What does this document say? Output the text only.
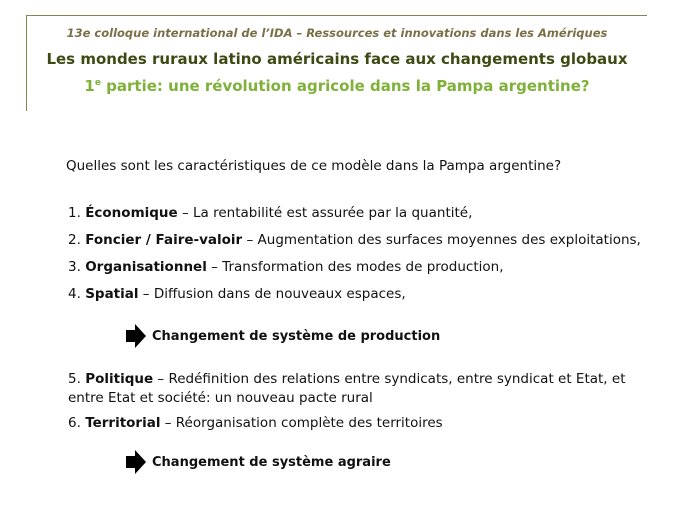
13e colloque international de l’IDA – Ressources et innovations dans les Amériques
Les mondes ruraux latino américains face aux changements globaux
1e partie: une révolution agricole dans la Pampa argentine?
Quelles sont les caractéristiques de ce modèle dans la Pampa argentine?
1. Économique – La rentabilité est assurée par la quantité,
2. Foncier / Faire-valoir – Augmentation des surfaces moyennes des exploitations,
3. Organisationnel – Transformation des modes de production,
4. Spatial – Diffusion dans de nouveaux espaces,
Changement de système de production
5. Politique – Redéfinition des relations entre syndicats, entre syndicat et Etat, et entre Etat et société: un nouveau pacte rural
6. Territorial – Réorganisation complète des territoires
Changement de système agraire
